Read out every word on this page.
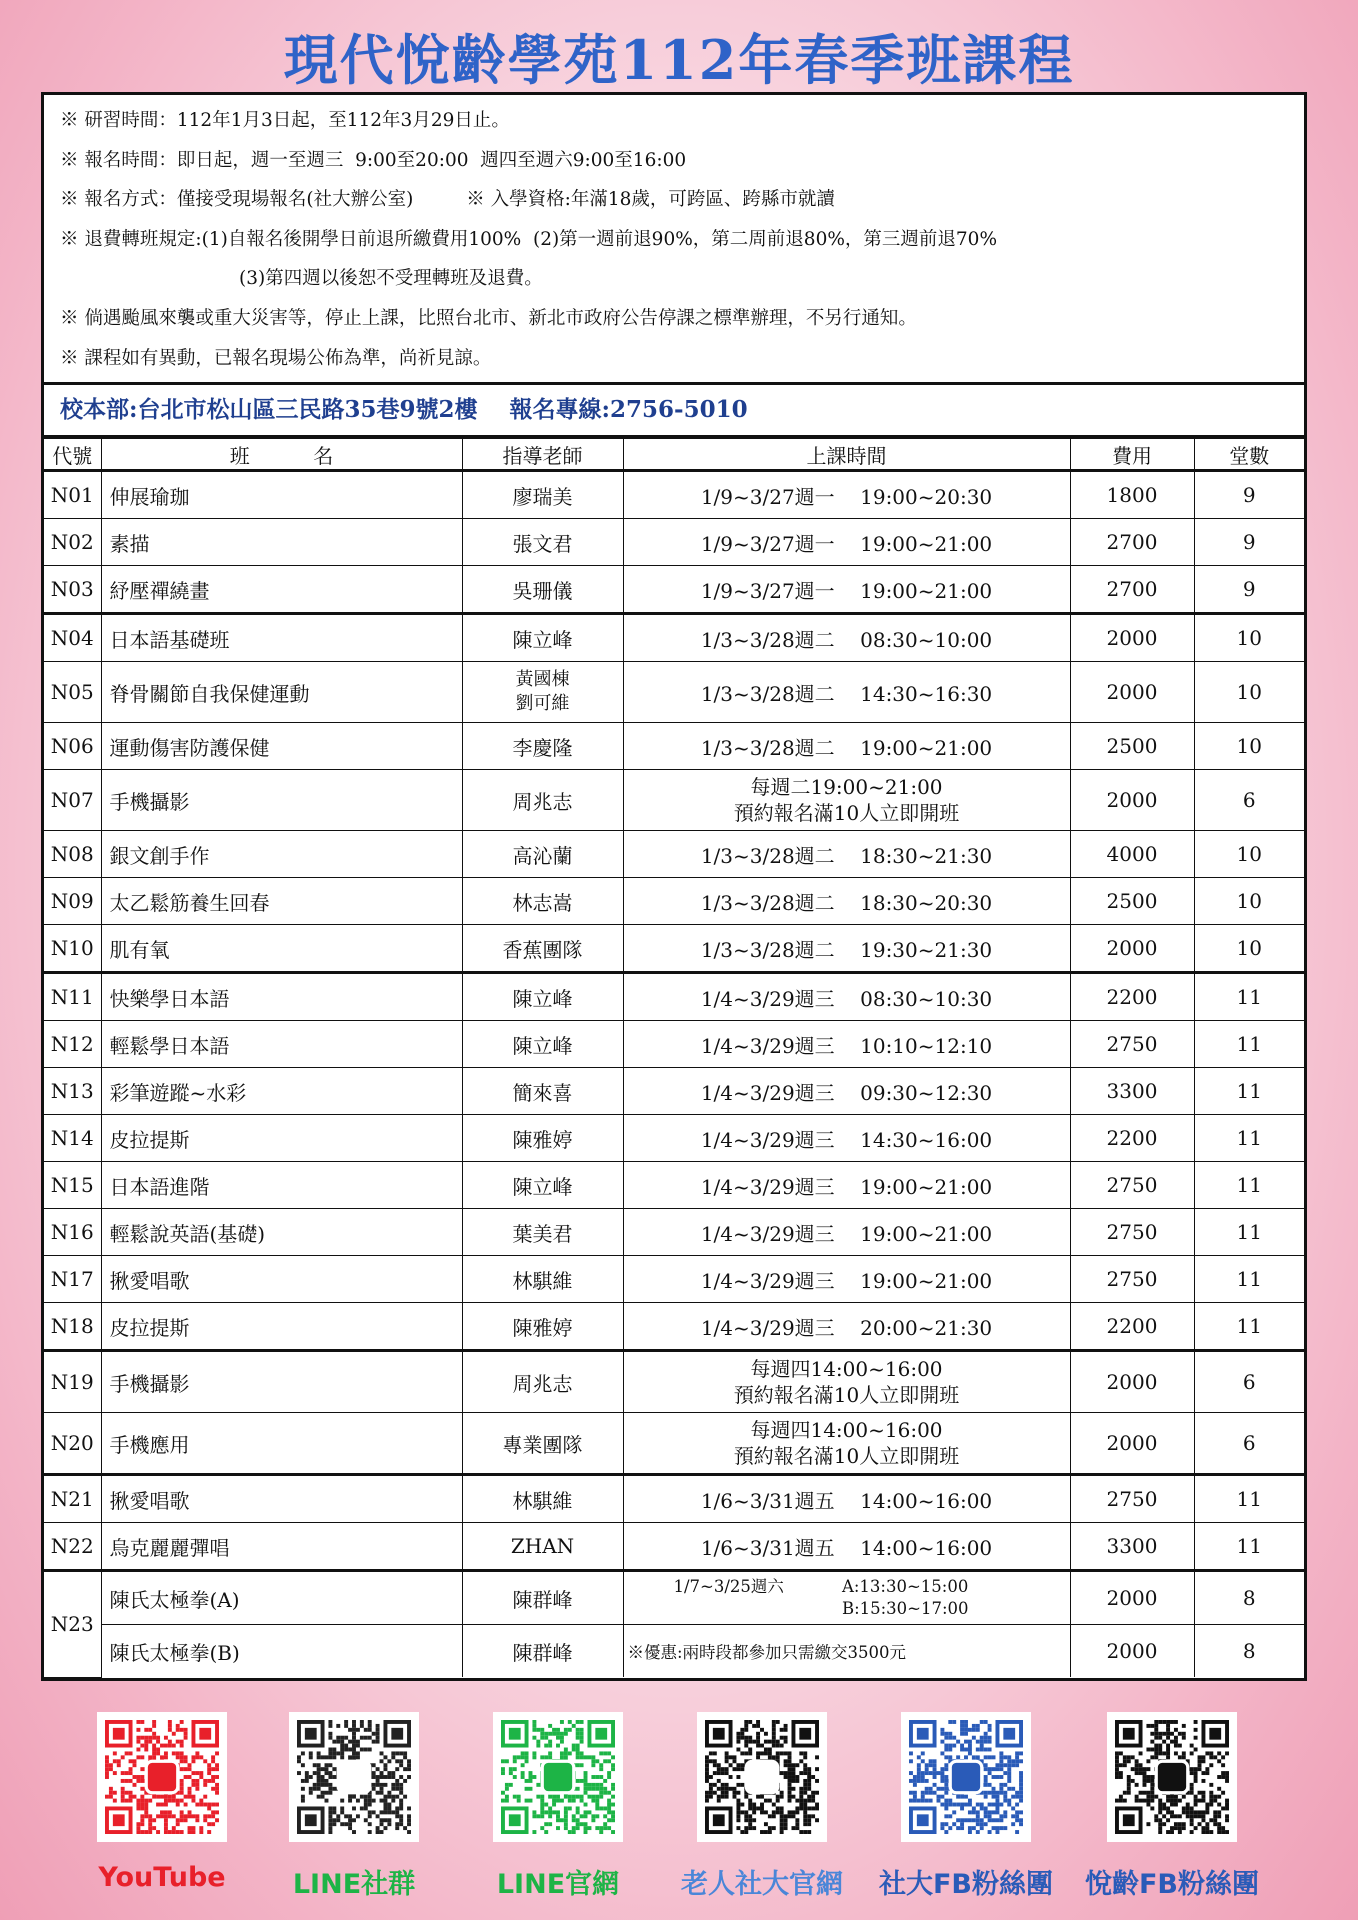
現代悅齡學苑112年春季班課程
※ 研習時間：112年1月3日起，至112年3月29日止。
※ 報名時間：即日起，週一至週三  9:00至20:00  週四至週六9:00至16:00
※ 報名方式：僅接受現場報名(社大辦公室)         ※ 入學資格:年滿18歲，可跨區、跨縣市就讀
※ 退費轉班規定:(1)自報名後開學日前退所繳費用100%  (2)第一週前退90%，第二周前退80%，第三週前退70%
(3)第四週以後恕不受理轉班及退費。
※ 倘遇颱風來襲或重大災害等，停止上課，比照台北市、新北市政府公告停課之標準辦理，不另行通知。
※ 課程如有異動，已報名現場公佈為準，尚祈見諒。
校本部:台北市松山區三民路35巷9號2樓    報名專線:2756-5010
代號	班          名	指導老師	上課時間	費用	堂數
N01	伸展瑜珈	廖瑞美	1/9~3/27週一    19:00~20:30	1800	9
N02	素描	張文君	1/9~3/27週一    19:00~21:00	2700	9
N03	紓壓禪繞畫	吳珊儀	1/9~3/27週一    19:00~21:00	2700	9
N04	日本語基礎班	陳立峰	1/3~3/28週二    08:30~10:00	2000	10
N05	脊骨關節自我保健運動	黃國棟
劉可維	1/3~3/28週二    14:30~16:30	2000	10
N06	運動傷害防護保健	李慶隆	1/3~3/28週二    19:00~21:00	2500	10
N07	手機攝影	周兆志	每週二19:00~21:00
預約報名滿10人立即開班	2000	6
N08	銀文創手作	高沁蘭	1/3~3/28週二    18:30~21:30	4000	10
N09	太乙鬆筋養生回春	林志嵩	1/3~3/28週二    18:30~20:30	2500	10
N10	肌有氧	香蕉團隊	1/3~3/28週二    19:30~21:30	2000	10
N11	快樂學日本語	陳立峰	1/4~3/29週三    08:30~10:30	2200	11
N12	輕鬆學日本語	陳立峰	1/4~3/29週三    10:10~12:10	2750	11
N13	彩筆遊蹤~水彩	簡來喜	1/4~3/29週三    09:30~12:30	3300	11
N14	皮拉提斯	陳雅婷	1/4~3/29週三    14:30~16:00	2200	11
N15	日本語進階	陳立峰	1/4~3/29週三    19:00~21:00	2750	11
N16	輕鬆說英語(基礎)	葉美君	1/4~3/29週三    19:00~21:00	2750	11
N17	揪愛唱歌	林騏維	1/4~3/29週三    19:00~21:00	2750	11
N18	皮拉提斯	陳雅婷	1/4~3/29週三    20:00~21:30	2200	11
N19	手機攝影	周兆志	每週四14:00~16:00
預約報名滿10人立即開班	2000	6
N20	手機應用	專業團隊	每週四14:00~16:00
預約報名滿10人立即開班	2000	6
N21	揪愛唱歌	林騏維	1/6~3/31週五    14:00~16:00	2750	11
N22	烏克麗麗彈唱	ZHAN	1/6~3/31週五    14:00~16:00	3300	11
N23	陳氏太極拳(A)	陳群峰	1/7~3/25週六 A:13:30~15:00
B:15:30~17:00	2000	8
	陳氏太極拳(B)	陳群峰	※優惠:兩時段都參加只需繳交3500元	2000	8
YouTube	LINE社群	LINE官網	老人社大官網	社大FB粉絲團	悅齡FB粉絲團
